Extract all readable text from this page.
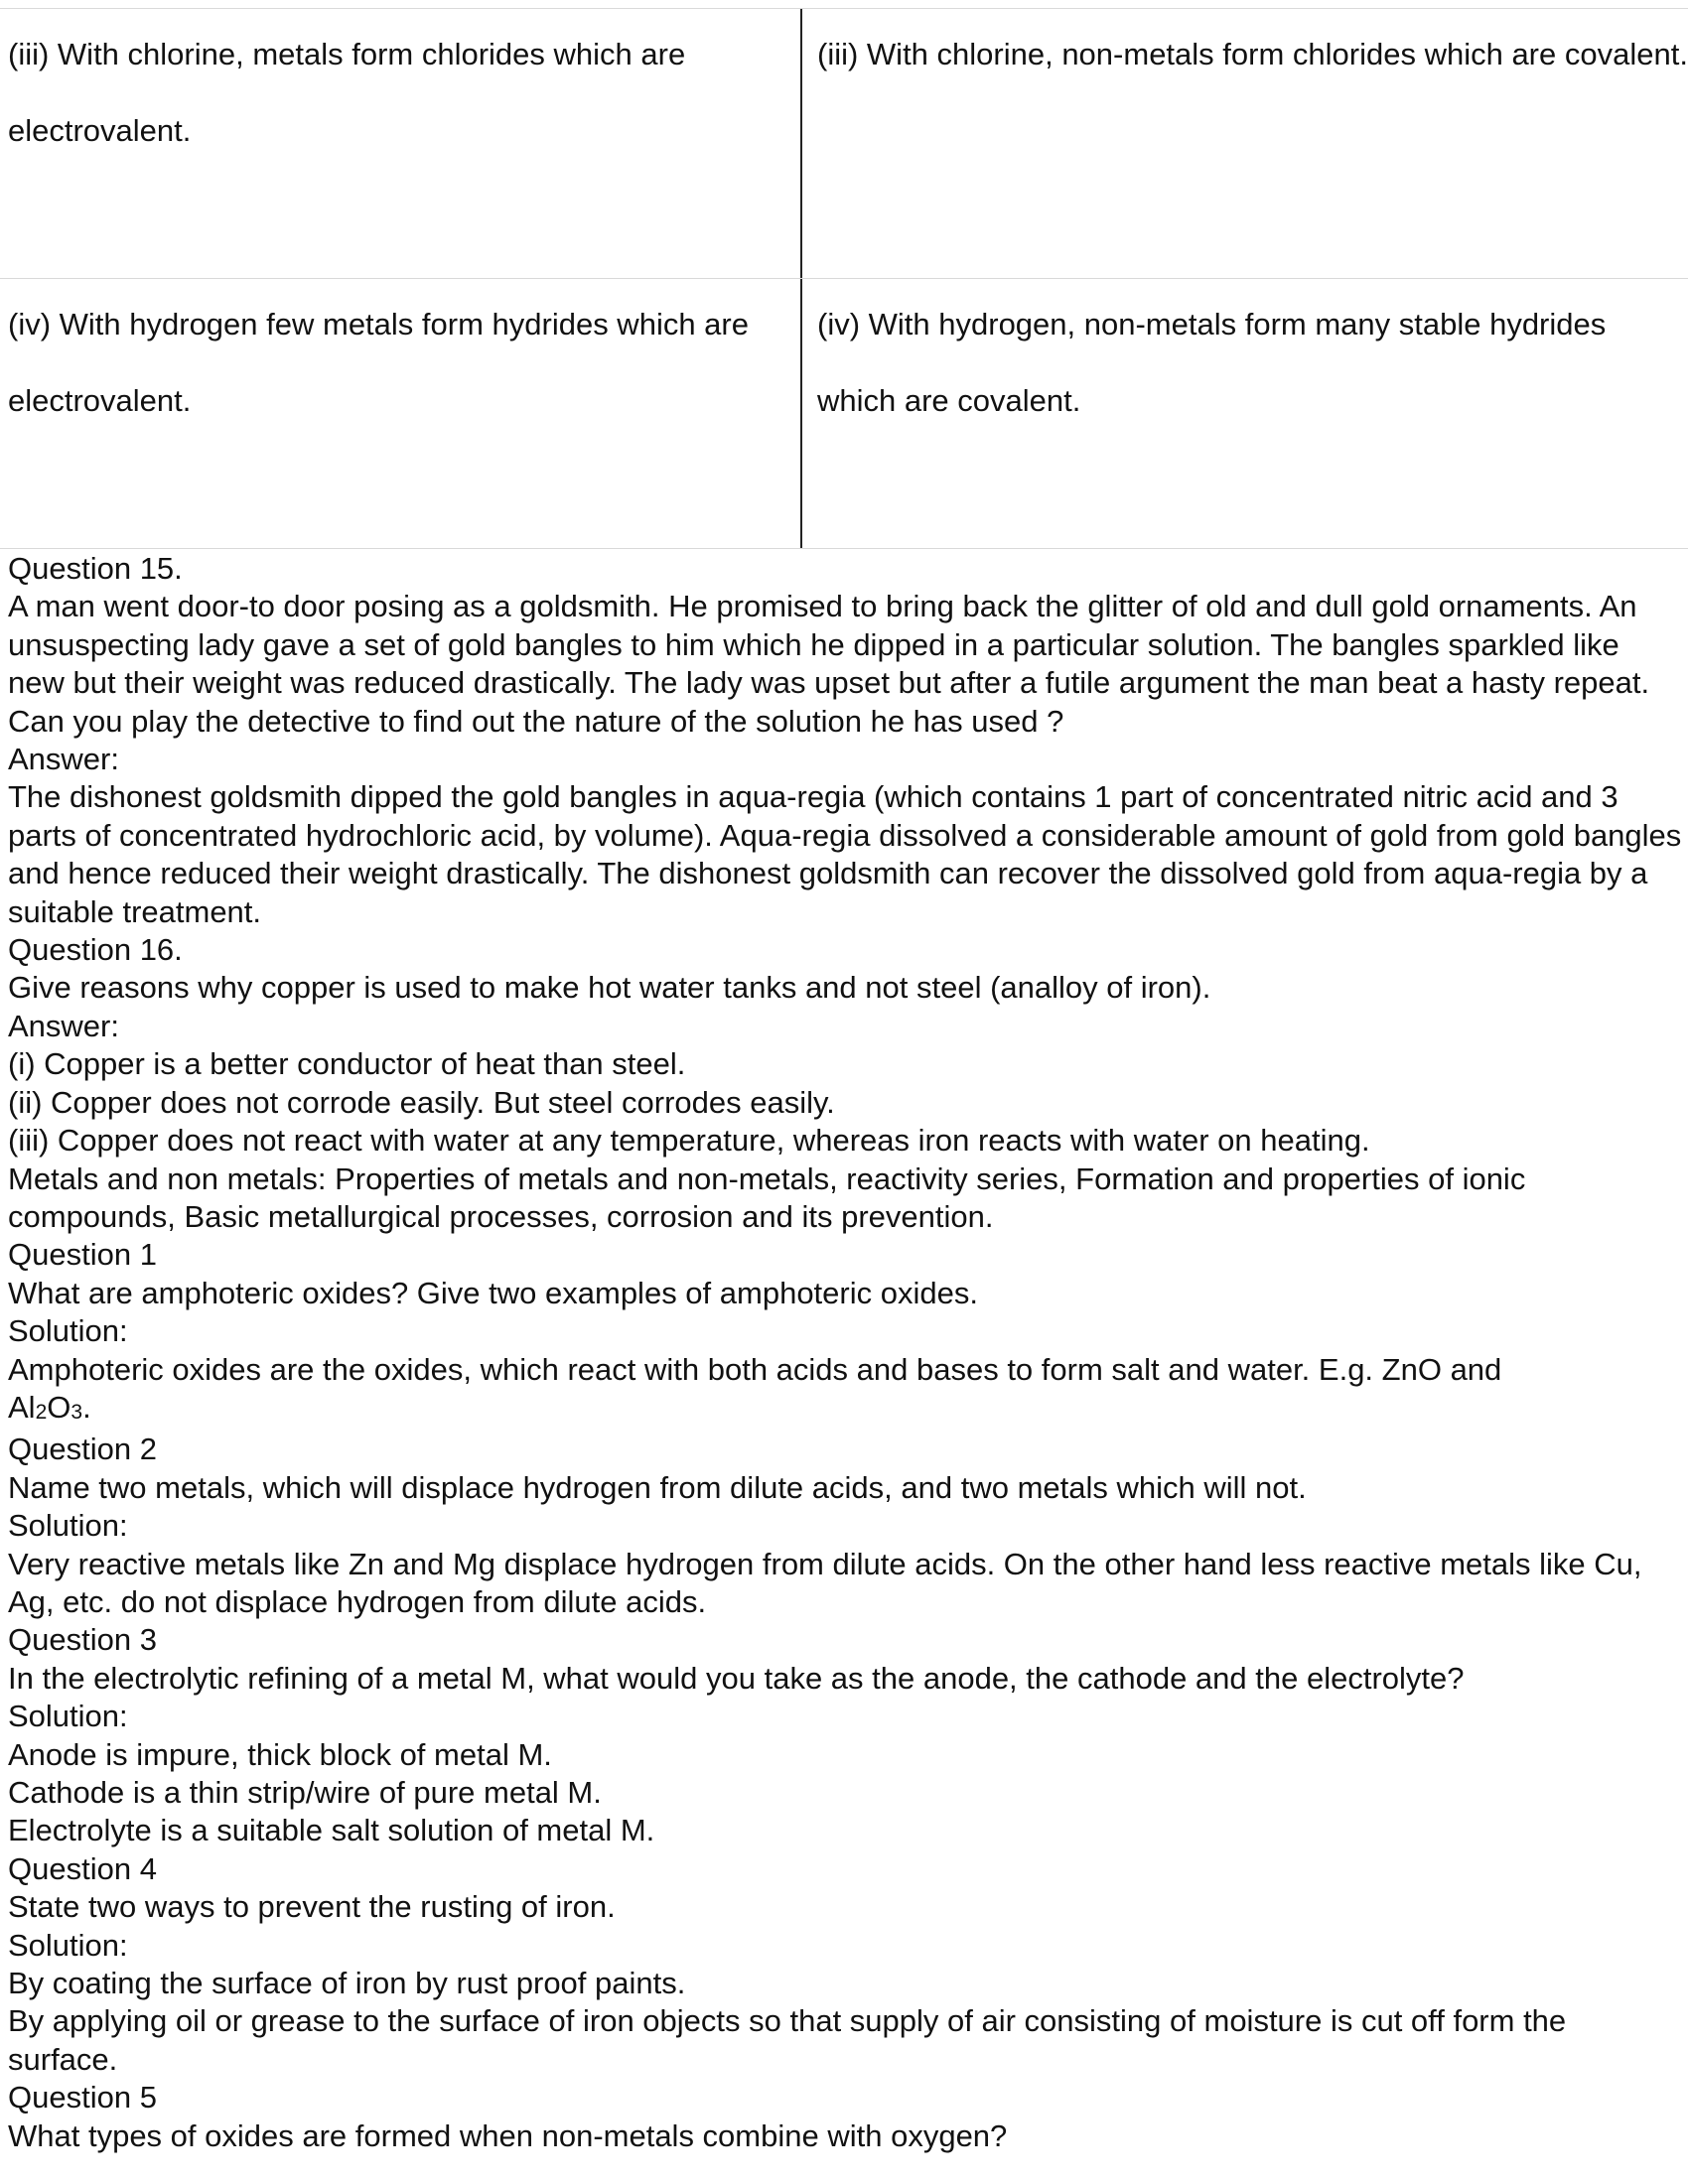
(iii) With chlorine, metals form chlorides which are electrovalent.
(iii) With chlorine, non-metals form chlorides which are covalent.
(iv) With hydrogen few metals form hydrides which are electrovalent.
(iv) With hydrogen, non-metals form many stable hydrides which are covalent.

Question 15.

A man went door-to door posing as a goldsmith. He promised to bring back the glitter of old and dull gold ornaments. An unsuspecting lady gave a set of gold bangles to him which he dipped in a particular solution. The bangles sparkled like new but their weight was reduced drastically. The lady was upset but after a futile argument the man beat a hasty repeat. Can you play the detective to find out the nature of the solution he has used ?

Answer:

The dishonest goldsmith dipped the gold bangles in aqua-regia (which contains 1 part of concentrated nitric acid and 3 parts of concentrated hydrochloric acid, by volume). Aqua-regia dissolved a considerable amount of gold from gold bangles and hence reduced their weight drastically. The dishonest goldsmith can recover the dissolved gold from aqua-regia by a suitable treatment.

Question 16.

Give reasons why copper is used to make hot water tanks and not steel (analloy of iron).

Answer:

(i) Copper is a better conductor of heat than steel.

(ii) Copper does not corrode easily. But steel corrodes easily.

(iii) Copper does not react with water at any temperature, whereas iron reacts with water on heating.

Metals and non metals: Properties of metals and non-metals, reactivity series, Formation and properties of ionic compounds, Basic metallurgical processes, corrosion and its prevention.

Question 1

What are amphoteric oxides? Give two examples of amphoteric oxides.

Solution:

Amphoteric oxides are the oxides, which react with both acids and bases to form salt and water. E.g. ZnO and
$Al_2O_3$.

Question 2

Name two metals, which will displace hydrogen from dilute acids, and two metals which will not.

Solution:

Very reactive metals like Zn and Mg displace hydrogen from dilute acids. On the other hand less reactive metals like Cu, Ag, etc. do not displace hydrogen from dilute acids.

Question 3

In the electrolytic refining of a metal M, what would you take as the anode, the cathode and the electrolyte?

Solution:

Anode is impure, thick block of metal M.

Cathode is a thin strip/wire of pure metal M.

Electrolyte is a suitable salt solution of metal M.

Question 4

State two ways to prevent the rusting of iron.

Solution:

By coating the surface of iron by rust proof paints.

By applying oil or grease to the surface of iron objects so that supply of air consisting of moisture is cut off form the surface.

Question 5

What types of oxides are formed when non-metals combine with oxygen?
